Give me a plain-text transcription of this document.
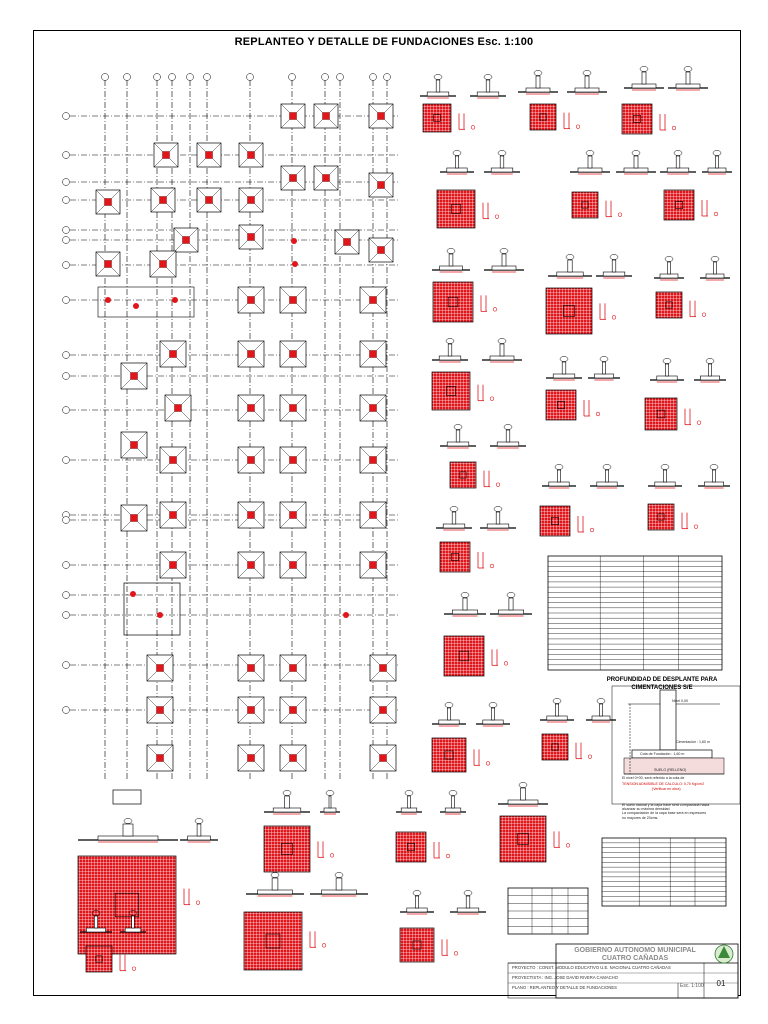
REPLANTEO Y DETALLE DE FUNDACIONES Esc. 1:100
PROFUNDIDAD DE DESPLANTE PARA
CIMENTACIONES S/E
Nivel 0,00
Cimentación : 1,60 m
Cota de Fundación : 1,60 m
SUELO (RELLENO)
TENSION ADMISIBLE DE CALCULO: 0,70 Kg/cm2
(Verificar en obra)
El nivel 0+00, será referido a la cota de
El suelo natural y la capa base será compactada hasta
alcanzar su máxima densidad
La compactación de la capa base será en espesores
no mayores de 20cms.
GOBIERNO AUTONOMO MUNICIPAL
CUATRO CAÑADAS
PROYECTO : CONST. MODULO EDUCATIVO U.E. NACIONAL CUATRO CAÑADAS
PROYECTISTA : ING. JOSE DAVID RIVERA CAMACHO
PLANO : REPLANTEO Y DETALLE DE FUNDACIONES	Esc. 1:100	01
